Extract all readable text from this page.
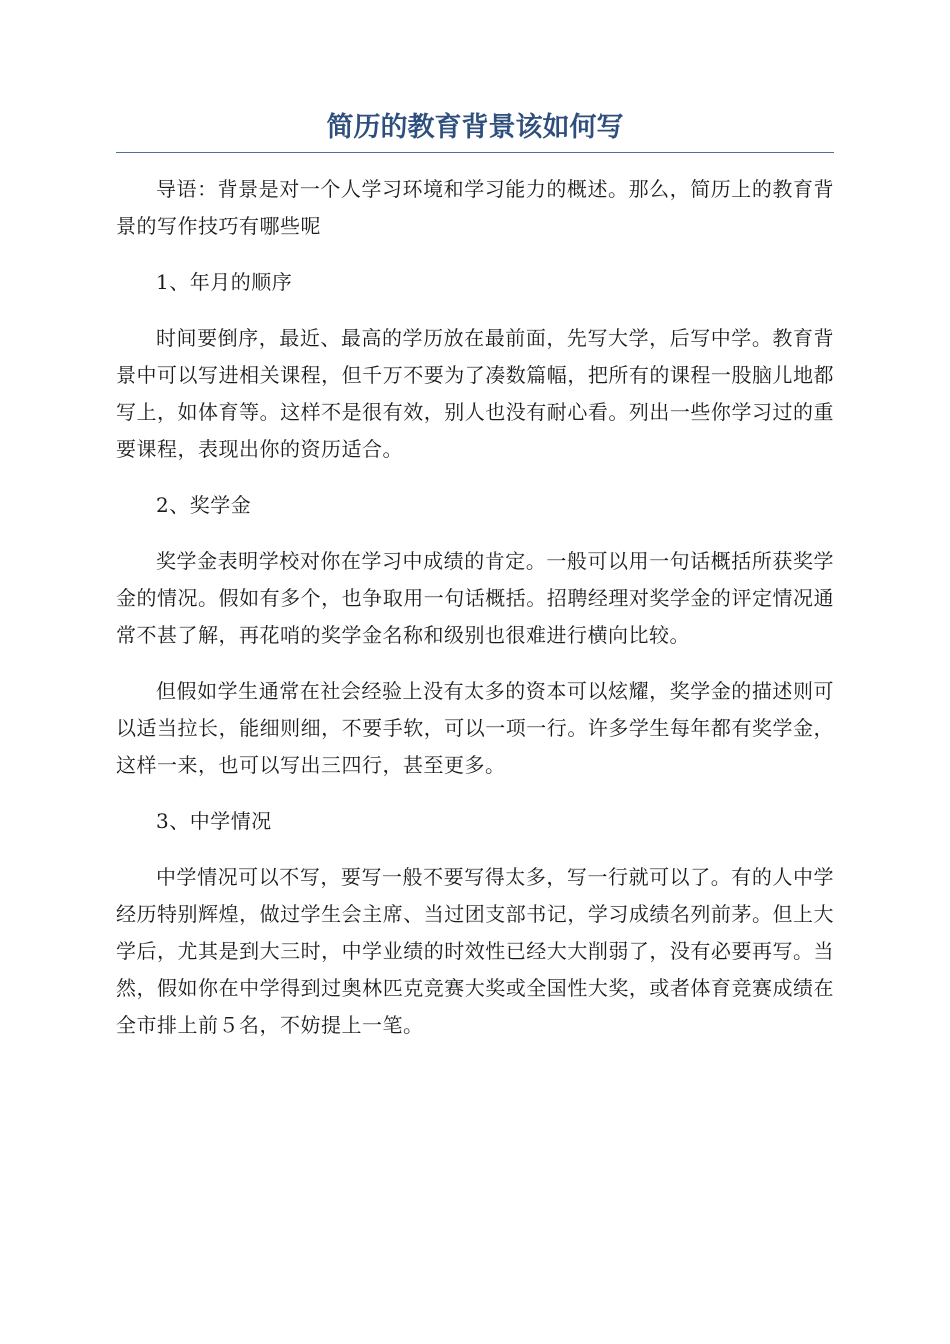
简历的教育背景该如何写

导语：背景是对一个人学习环境和学习能力的概述。那么，简历上的教育背景的写作技巧有哪些呢

1、年月的顺序

时间要倒序，最近、最高的学历放在最前面，先写大学，后写中学。教育背景中可以写进相关课程，但千万不要为了凑数篇幅，把所有的课程一股脑儿地都写上，如体育等。这样不是很有效，别人也没有耐心看。列出一些你学习过的重要课程，表现出你的资历适合。

2、奖学金

奖学金表明学校对你在学习中成绩的肯定。一般可以用一句话概括所获奖学金的情况。假如有多个，也争取用一句话概括。招聘经理对奖学金的评定情况通常不甚了解，再花哨的奖学金名称和级别也很难进行横向比较。

但假如学生通常在社会经验上没有太多的资本可以炫耀，奖学金的描述则可以适当拉长，能细则细，不要手软，可以一项一行。许多学生每年都有奖学金，这样一来，也可以写出三四行，甚至更多。

3、中学情况

中学情况可以不写，要写一般不要写得太多，写一行就可以了。有的人中学经历特别辉煌，做过学生会主席、当过团支部书记，学习成绩名列前茅。但上大学后，尤其是到大三时，中学业绩的时效性已经大大削弱了，没有必要再写。当然，假如你在中学得到过奥林匹克竞赛大奖或全国性大奖，或者体育竞赛成绩在全市排上前５名，不妨提上一笔。
